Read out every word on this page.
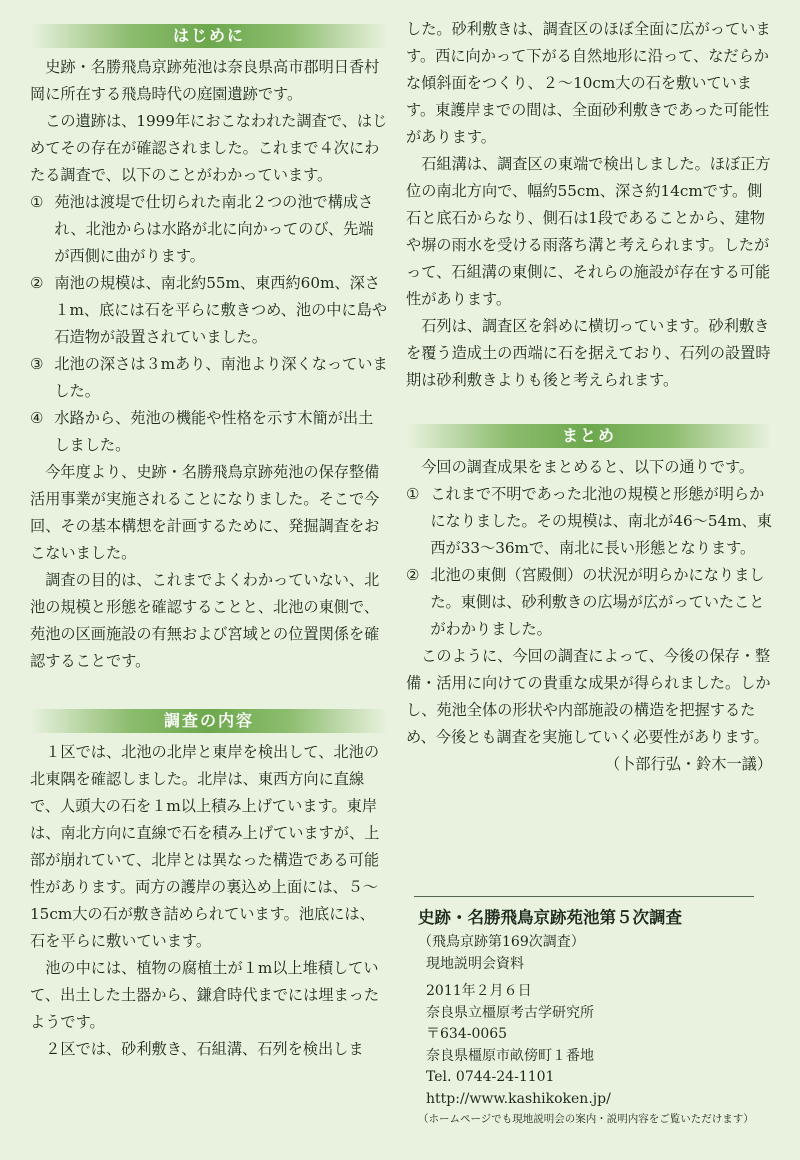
はじめに

史跡・名勝飛鳥京跡苑池は奈良県高市郡明日香村岡に所在する飛鳥時代の庭園遺跡です。

この遺跡は、1999年におこなわれた調査で、はじめてその存在が確認されました。これまで４次にわたる調査で、以下のことがわかっています。

① 苑池は渡堤で仕切られた南北２つの池で構成され、北池からは水路が北に向かってのび、先端が西側に曲がります。

② 南池の規模は、南北約55m、東西約60m、深さ１m、底には石を平らに敷きつめ、池の中に島や石造物が設置されていました。

③ 北池の深さは３mあり、南池より深くなっていました。

④ 水路から、苑池の機能や性格を示す木簡が出土しました。

今年度より、史跡・名勝飛鳥京跡苑池の保存整備活用事業が実施されることになりました。そこで今回、その基本構想を計画するために、発掘調査をおこないました。

調査の目的は、これまでよくわかっていない、北池の規模と形態を確認することと、北池の東側で、苑池の区画施設の有無および宮域との位置関係を確認することです。

調査の内容

１区では、北池の北岸と東岸を検出して、北池の北東隅を確認しました。北岸は、東西方向に直線で、人頭大の石を１m以上積み上げています。東岸は、南北方向に直線で石を積み上げていますが、上部が崩れていて、北岸とは異なった構造である可能性があります。両方の護岸の裏込め上面には、５～15cm大の石が敷き詰められています。池底には、石を平らに敷いています。

池の中には、植物の腐植土が１m以上堆積していて、出土した土器から、鎌倉時代までには埋まったようです。

２区では、砂利敷き、石組溝、石列を検出しま

した。砂利敷きは、調査区のほぼ全面に広がっています。西に向かって下がる自然地形に沿って、なだらかな傾斜面をつくり、２～10cm大の石を敷いています。東護岸までの間は、全面砂利敷きであった可能性があります。

石組溝は、調査区の東端で検出しました。ほぼ正方位の南北方向で、幅約55cm、深さ約14cmです。側石と底石からなり、側石は1段であることから、建物や塀の雨水を受ける雨落ち溝と考えられます。したがって、石組溝の東側に、それらの施設が存在する可能性があります。

石列は、調査区を斜めに横切っています。砂利敷きを覆う造成土の西端に石を据えており、石列の設置時期は砂利敷きよりも後と考えられます。

まとめ

今回の調査成果をまとめると、以下の通りです。

① これまで不明であった北池の規模と形態が明らかになりました。その規模は、南北が46～54m、東西が33～36mで、南北に長い形態となります。

② 北池の東側（宮殿側）の状況が明らかになりました。東側は、砂利敷きの広場が広がっていたことがわかりました。

このように、今回の調査によって、今後の保存・整備・活用に向けての貴重な成果が得られました。しかし、苑池全体の形状や内部施設の構造を把握するため、今後とも調査を実施していく必要性があります。

（卜部行弘・鈴木一議）

史跡・名勝飛鳥京跡苑池第５次調査
（飛鳥京跡第169次調査）
現地説明会資料
2011年２月６日
奈良県立橿原考古学研究所
〒634-0065
奈良県橿原市畝傍町１番地
Tel. 0744-24-1101
http://www.kashikoken.jp/
（ホームページでも現地説明会の案内・説明内容をご覧いただけます）
